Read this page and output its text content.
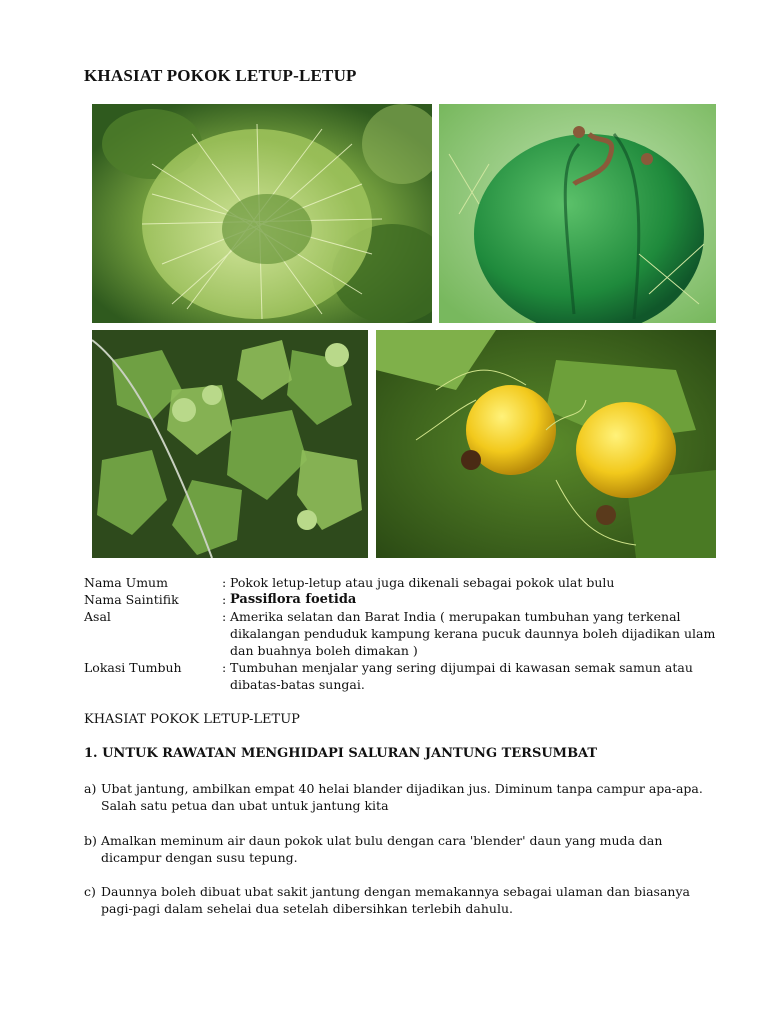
KHASIAT POKOK LETUP-LETUP
Nama Umum	: Pokok letup-letup atau juga dikenali sebagai pokok ulat bulu
Nama Saintifik	: Passiflora foetida
Asal	: Amerika selatan dan Barat India ( merupakan tumbuhan yang terkenal dikalangan penduduk kampung kerana pucuk daunnya boleh dijadikan ulam dan buahnya boleh dimakan )
Lokasi Tumbuh	: Tumbuhan menjalar yang sering dijumpai di kawasan semak samun atau dibatas-batas sungai.
KHASIAT POKOK LETUP-LETUP
1. UNTUK RAWATAN MENGHIDAPI SALURAN JANTUNG TERSUMBAT
a) Ubat jantung, ambilkan empat 40 helai blander dijadikan jus. Diminum tanpa campur apa-apa. Salah satu petua dan ubat untuk jantung kita
b) Amalkan meminum air daun pokok ulat bulu dengan cara 'blender' daun yang muda dan dicampur dengan susu tepung.
c) Daunnya boleh dibuat ubat sakit jantung dengan memakannya sebagai ulaman dan biasanya pagi-pagi dalam sehelai dua setelah dibersihkan terlebih dahulu.
